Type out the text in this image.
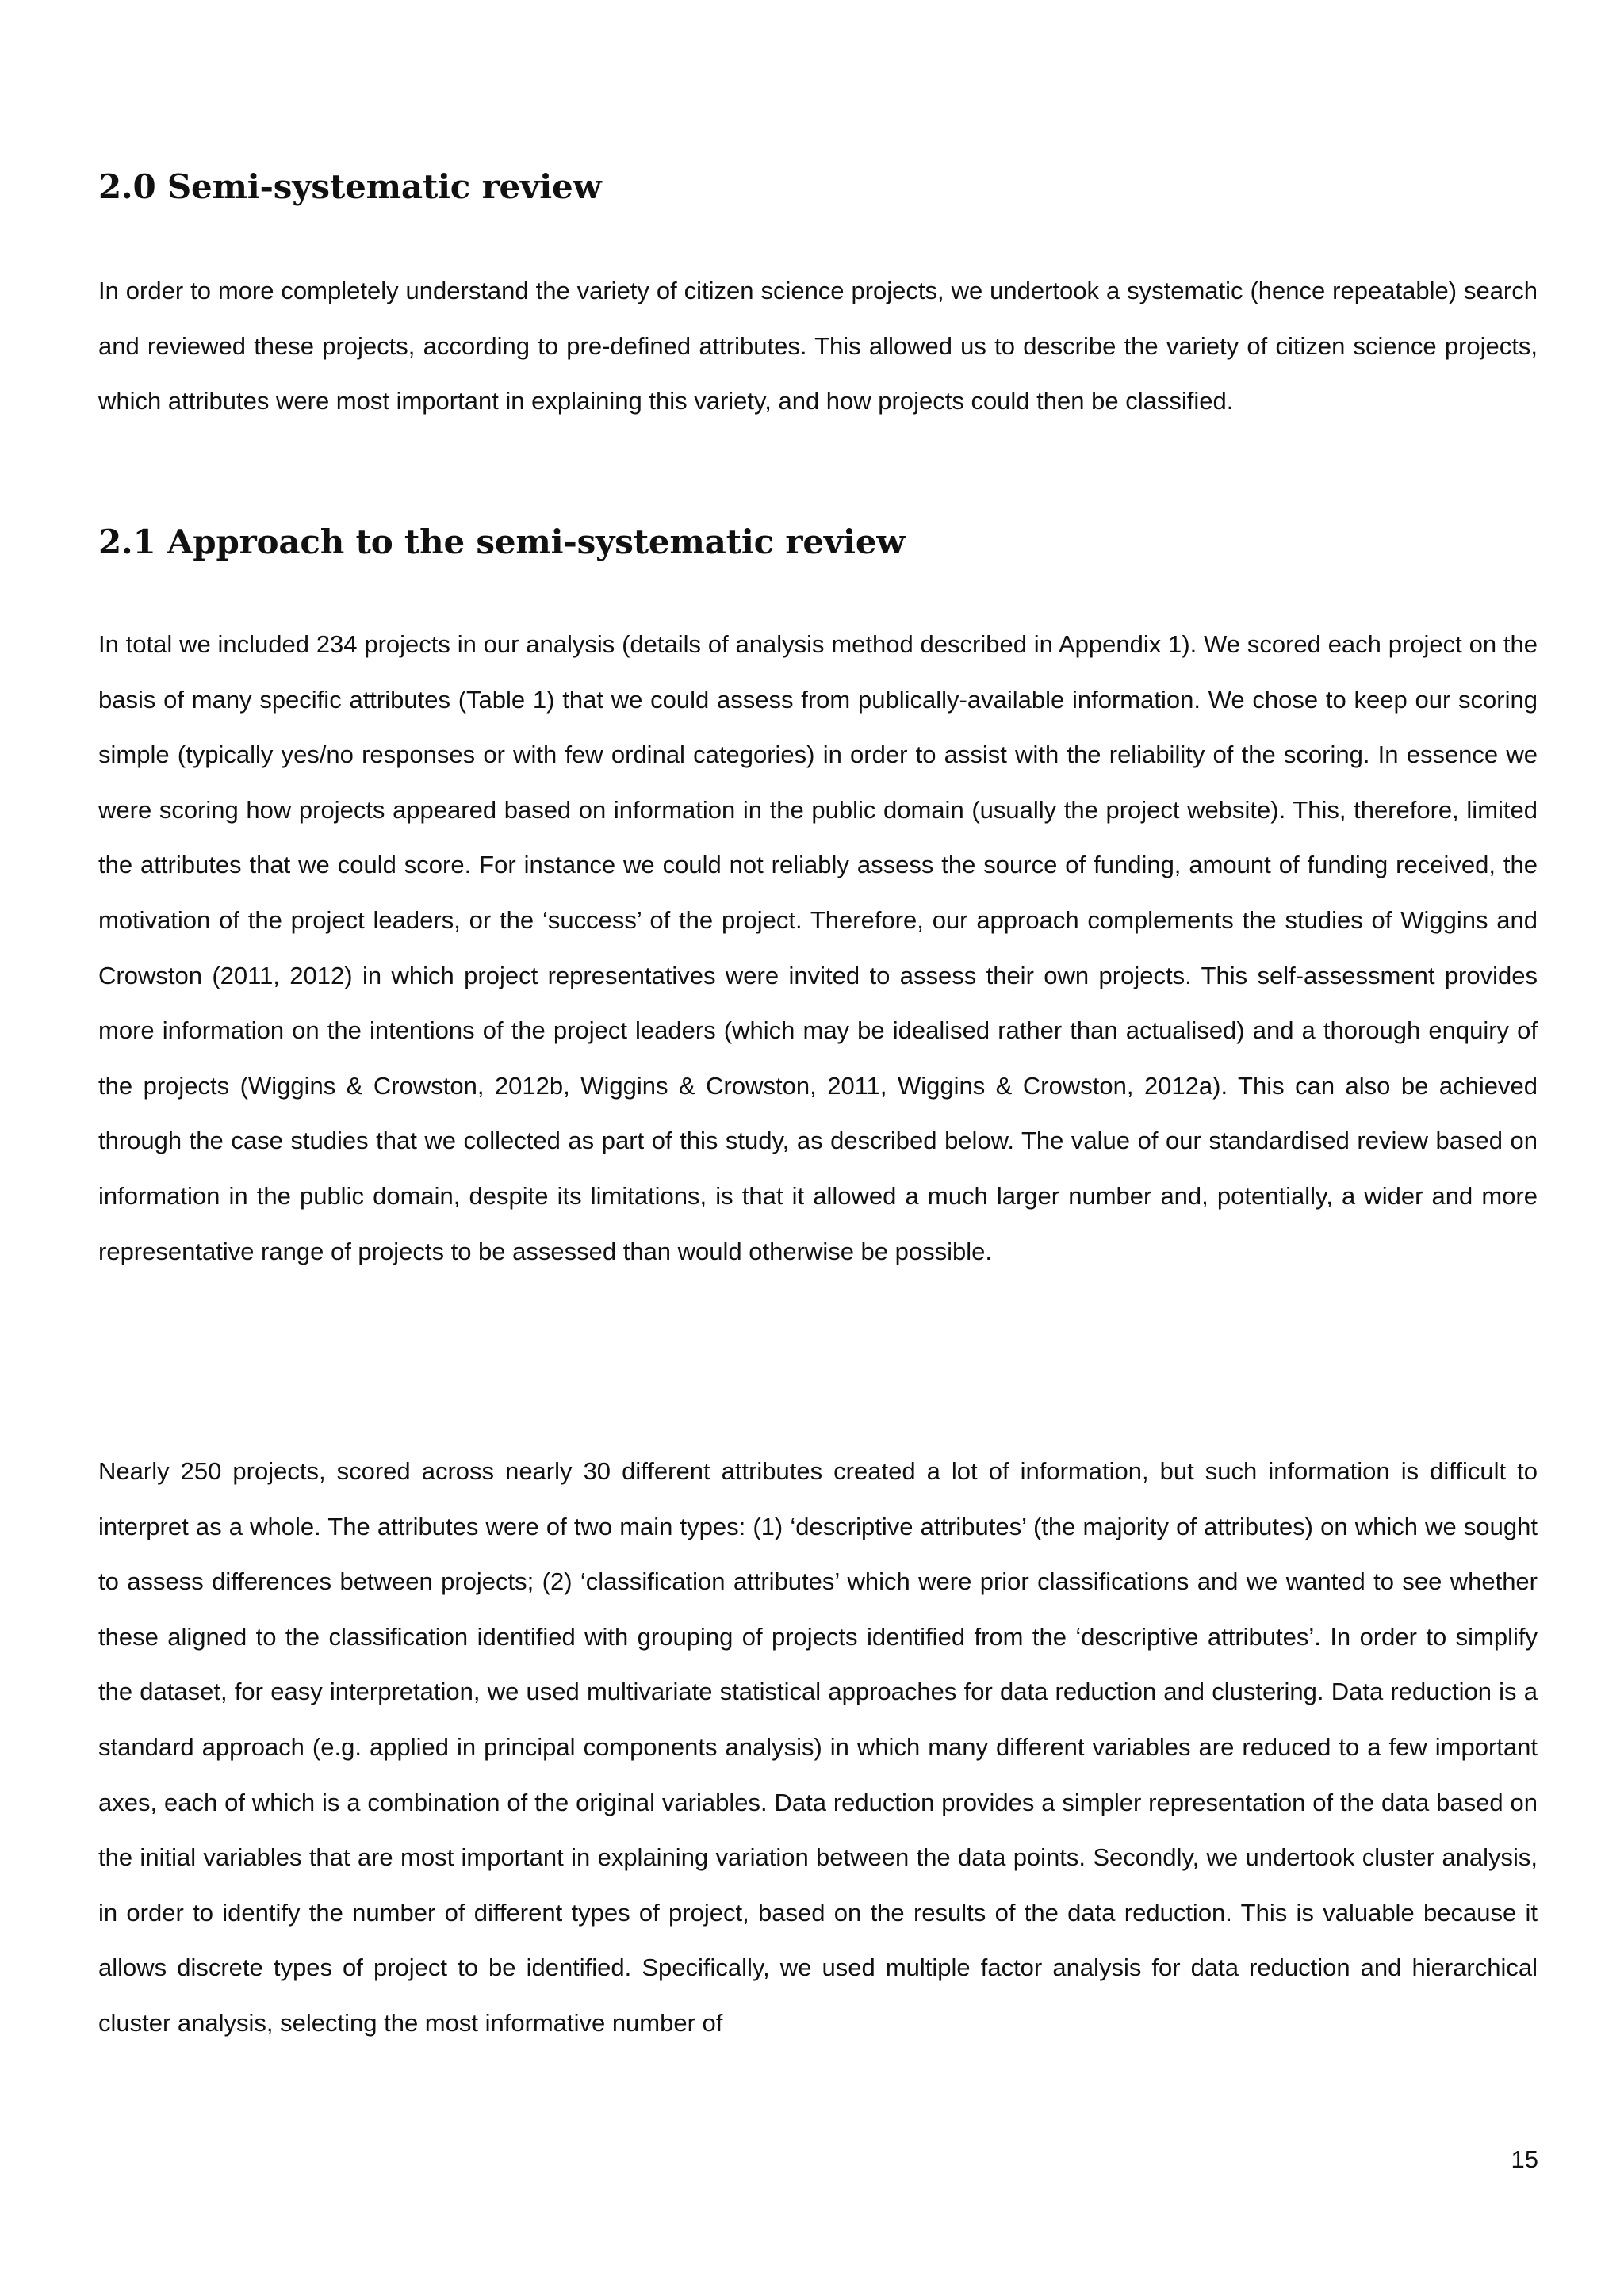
2.0 Semi-systematic review

In order to more completely understand the variety of citizen science projects, we undertook a systematic (hence repeatable) search and reviewed these projects, according to pre-defined attributes. This allowed us to describe the variety of citizen science projects, which attributes were most important in explaining this variety, and how projects could then be classified.

2.1 Approach to the semi-systematic review

In total we included 234 projects in our analysis (details of analysis method described in Appendix 1). We scored each project on the basis of many specific attributes (Table 1) that we could assess from publically-available information. We chose to keep our scoring simple (typically yes/no responses or with few ordinal categories) in order to assist with the reliability of the scoring. In essence we were scoring how projects appeared based on information in the public domain (usually the project website). This, therefore, limited the attributes that we could score. For instance we could not reliably assess the source of funding, amount of funding received, the motivation of the project leaders, or the ‘success’ of the project. Therefore, our approach complements the studies of Wiggins and Crowston (2011, 2012) in which project representatives were invited to assess their own projects. This self-assessment provides more information on the intentions of the project leaders (which may be idealised rather than actualised) and a thorough enquiry of the projects (Wiggins & Crowston, 2012b, Wiggins & Crowston, 2011, Wiggins & Crowston, 2012a). This can also be achieved through the case studies that we collected as part of this study, as described below. The value of our standardised review based on information in the public domain, despite its limitations, is that it allowed a much larger number and, potentially, a wider and more representative range of projects to be assessed than would otherwise be possible.

Nearly 250 projects, scored across nearly 30 different attributes created a lot of information, but such information is difficult to interpret as a whole. The attributes were of two main types: (1) ‘descriptive attributes’ (the majority of attributes) on which we sought to assess differences between projects; (2) ‘classification attributes’ which were prior classifications and we wanted to see whether these aligned to the classification identified with grouping of projects identified from the ‘descriptive attributes’. In order to simplify the dataset, for easy interpretation, we used multivariate statistical approaches for data reduction and clustering. Data reduction is a standard approach (e.g. applied in principal components analysis) in which many different variables are reduced to a few important axes, each of which is a combination of the original variables. Data reduction provides a simpler representation of the data based on the initial variables that are most important in explaining variation between the data points. Secondly, we undertook cluster analysis, in order to identify the number of different types of project, based on the results of the data reduction. This is valuable because it allows discrete types of project to be identified. Specifically, we used multiple factor analysis for data reduction and hierarchical cluster analysis, selecting the most informative number of

15
